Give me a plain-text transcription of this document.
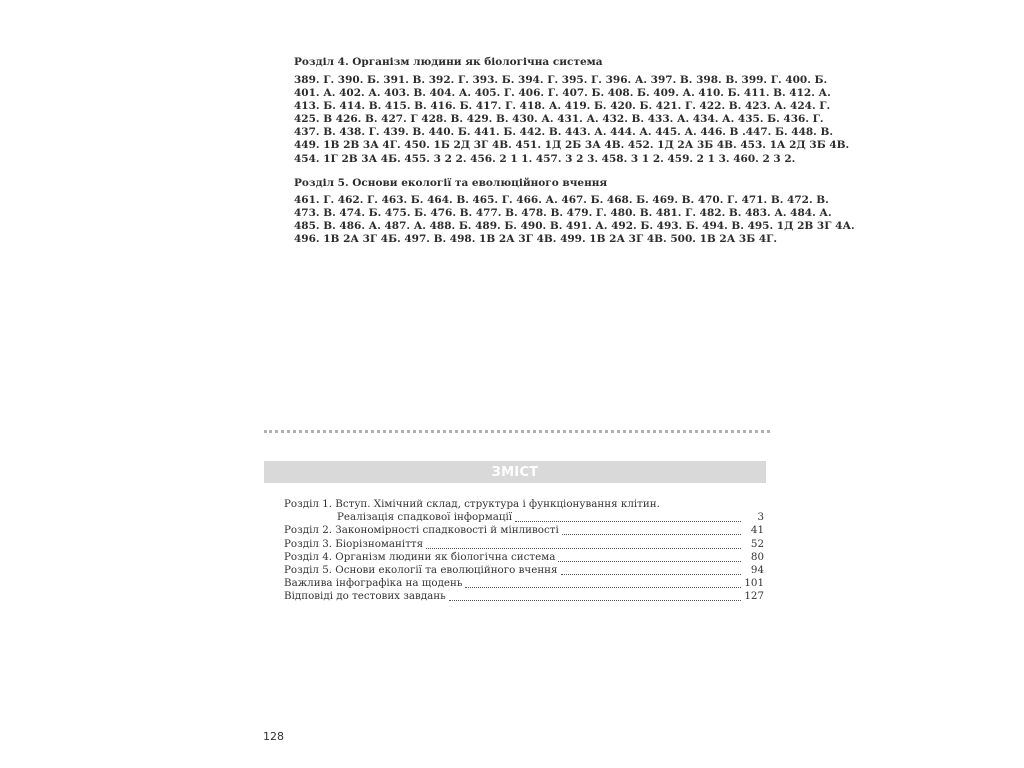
Розділ 4. Організм людини як біологічна система
389. Г. 390. Б. 391. В. 392. Г. 393. Б. 394. Г. 395. Г. 396. А. 397. В. 398. В. 399. Г. 400. Б.
401. А. 402. А. 403. В. 404. А. 405. Г. 406. Г. 407. Б. 408. Б. 409. А. 410. Б. 411. В. 412. А.
413. Б. 414. В. 415. В. 416. Б. 417. Г. 418. А. 419. Б. 420. Б. 421. Г. 422. В. 423. А. 424. Г.
425. В 426. В. 427. Г 428. В. 429. В. 430. А. 431. А. 432. В. 433. А. 434. А. 435. Б. 436. Г.
437. В. 438. Г. 439. В. 440. Б. 441. Б. 442. В. 443. А. 444. А. 445. А. 446. В .447. Б. 448. В.
449. 1В 2В 3А 4Г. 450. 1Б 2Д 3Г 4В. 451. 1Д 2Б 3А 4В. 452. 1Д 2А 3Б 4В. 453. 1А 2Д 3Б 4В.
454. 1Г 2В 3А 4Б. 455. 3 2 2. 456. 2 1 1. 457. 3 2 3. 458. 3 1 2. 459. 2 1 3. 460. 2 3 2.
Розділ 5. Основи екології та еволюційного вчення
461. Г. 462. Г. 463. Б. 464. В. 465. Г. 466. А. 467. Б. 468. Б. 469. В. 470. Г. 471. В. 472. В.
473. В. 474. Б. 475. Б. 476. В. 477. В. 478. В. 479. Г. 480. В. 481. Г. 482. В. 483. А. 484. А.
485. В. 486. А. 487. А. 488. Б. 489. Б. 490. В. 491. А. 492. Б. 493. Б. 494. В. 495. 1Д 2В 3Г 4А.
496. 1В 2А 3Г 4Б. 497. В. 498. 1В 2А 3Г 4В. 499. 1В 2А 3Г 4В. 500. 1В 2А 3Б 4Г.
ЗМІСТ
Розділ 1. Вступ. Хімічний склад, структура і функціонування клітин.
Реалізація спадкової інформації	3
Розділ 2. Закономірності спадковості й мінливості	41
Розділ 3. Біорізноманіття	52
Розділ 4. Організм людини як біологічна система	80
Розділ 5. Основи екології та еволюційного вчення	94
Важлива інфографіка на щодень	101
Відповіді до тестових завдань	127
128
